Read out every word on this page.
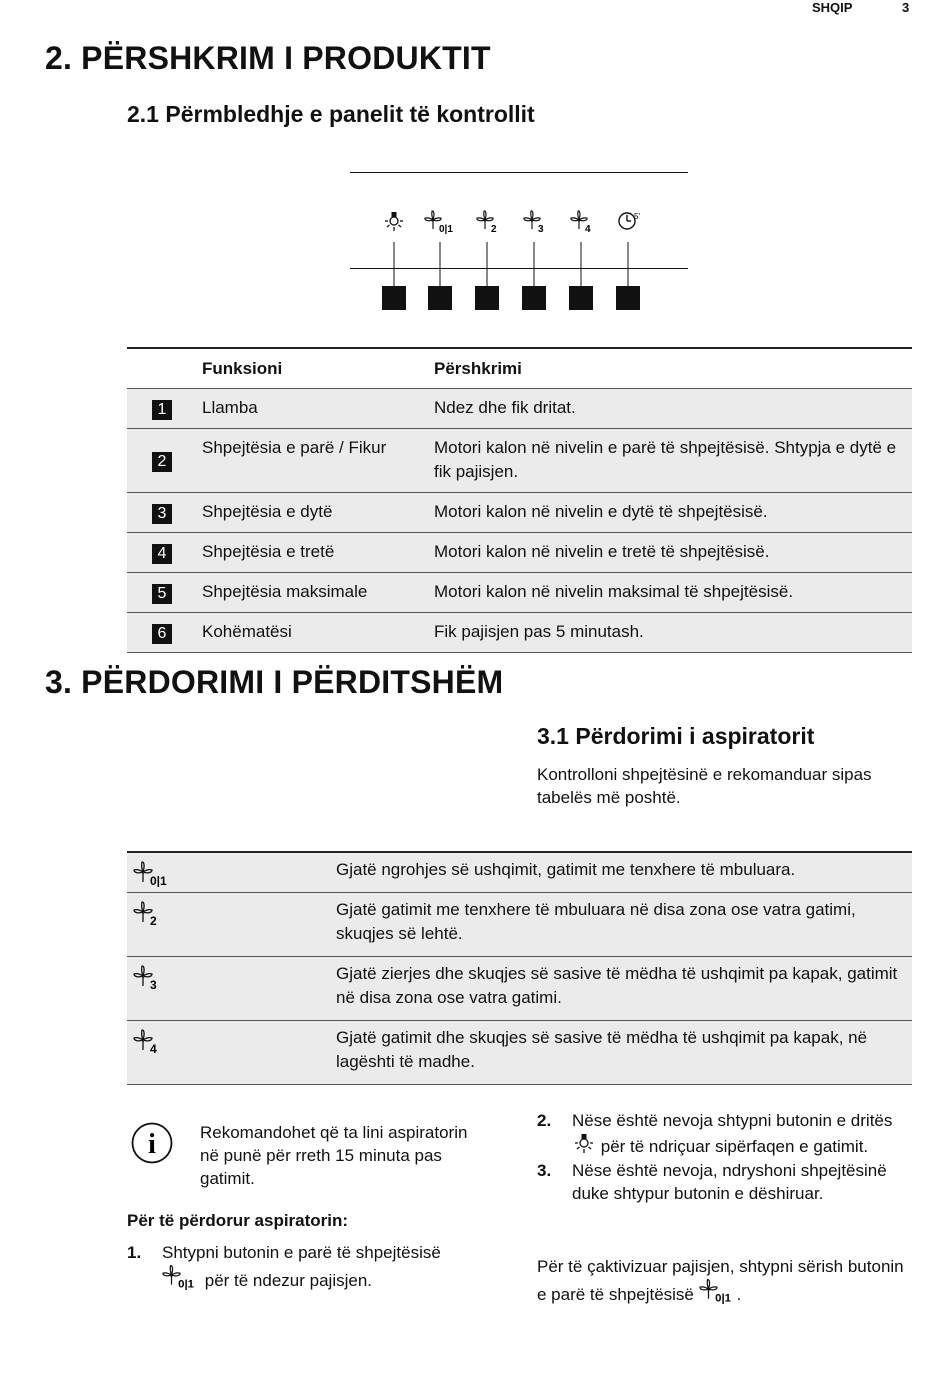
SHQIP	3
2. PËRSHKRIM I PRODUKTIT
2.1 Përmbledhje e panelit të kontrollit
0|1	2	3	4
5'
	Funksioni	Përshkrimi
1	Llamba	Ndez dhe fik dritat.
2	Shpejtësia e parë / Fikur	Motori kalon në nivelin e parë të shpejtësisë. Shtypja e dytë e fik pajisjen.
3	Shpejtësia e dytë	Motori kalon në nivelin e dytë të shpejtësisë.
4	Shpejtësia e tretë	Motori kalon në nivelin e tretë të shpejtësisë.
5	Shpejtësia maksimale	Motori kalon në nivelin maksimal të shpejtësisë.
6	Kohëmatësi	Fik pajisjen pas 5 minutash.
3. PËRDORIMI I PËRDITSHËM
3.1 Përdorimi i aspiratorit
Kontrolloni shpejtësinë e rekomanduar sipas tabelës më poshtë.
0|1	Gjatë ngrohjes së ushqimit, gatimit me tenxhere të mbuluara.

2	Gjatë gatimit me tenxhere të mbuluara në disa zona ose vatra gatimi, skuqjes së lehtë.

3	Gjatë zierjes dhe skuqjes së sasive të mëdha të ushqimit pa kapak, gatimit në disa zona ose vatra gatimi.

4	Gjatë gatimit dhe skuqjes së sasive të mëdha të ushqimit pa kapak, në lagështi të madhe.
i	Rekomandohet që ta lini aspiratorin në punë për rreth 15 minuta pas gatimit.
Për të përdorur aspiratorin:
1. Shtypni butonin e parë të shpejtësisë

0|1 për të ndezur pajisjen.
2. Nëse është nevoja shtypni butonin e dritës
për të ndriçuar sipërfaqen e gatimit.
3. Nëse është nevoja, ndryshoni shpejtësinë duke shtypur butonin e dëshiruar.
Për të çaktivizuar pajisjen, shtypni sërish butonin e parë të shpejtësisë 0|1 .
